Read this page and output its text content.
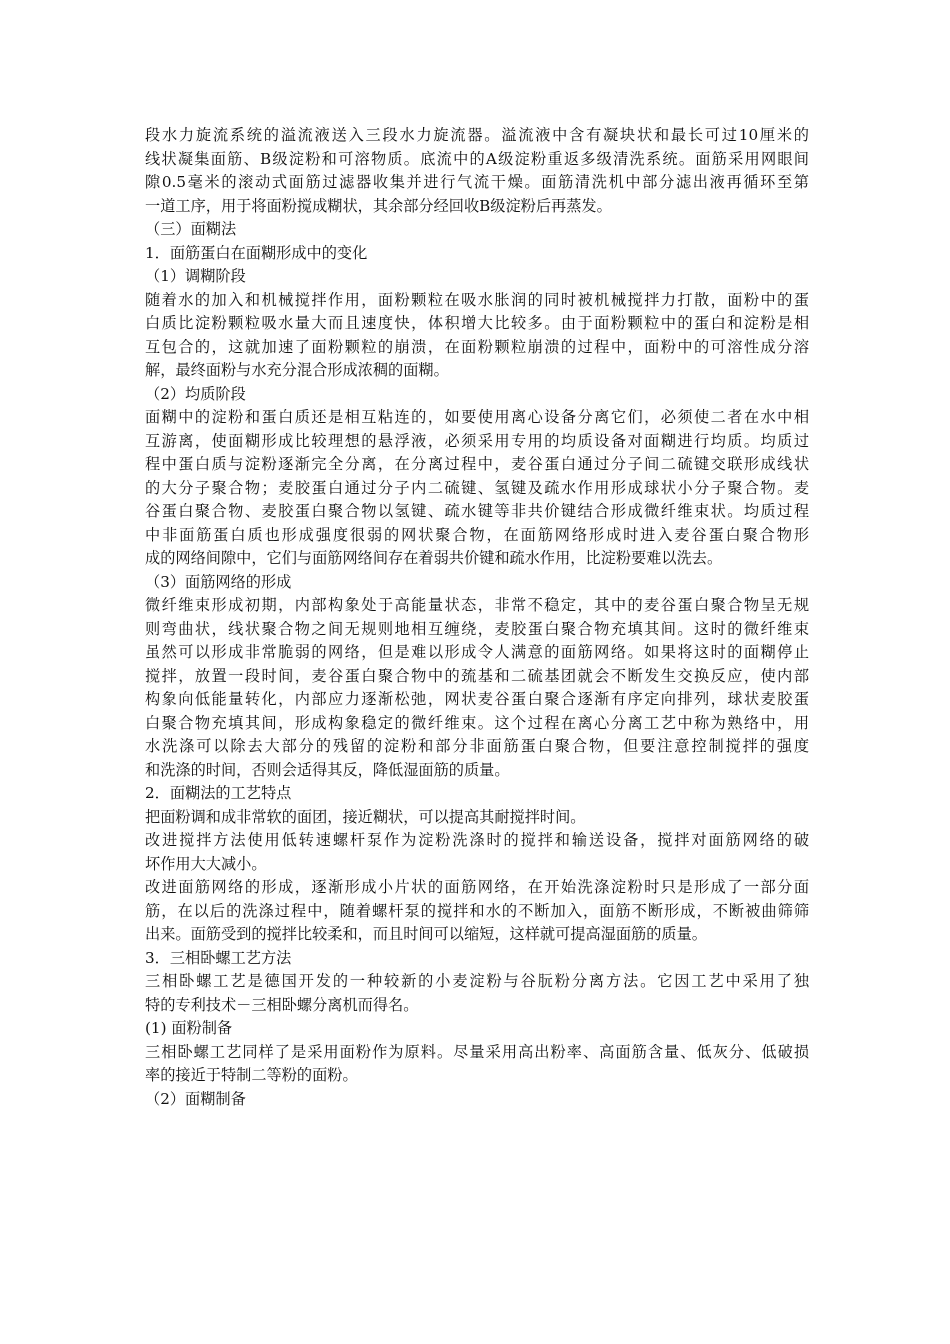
段水力旋流系统的溢流液送入三段水力旋流器。溢流液中含有凝块状和最长可过10厘米的
线状凝集面筋、B级淀粉和可溶物质。底流中的A级淀粉重返多级清洗系统。面筋采用网眼间
隙0.5毫米的滚动式面筋过滤器收集并进行气流干燥。面筋清洗机中部分滤出液再循环至第
一道工序，用于将面粉搅成糊状，其余部分经回收B级淀粉后再蒸发。
（三）面糊法
1．面筋蛋白在面糊形成中的变化
（1）调糊阶段
随着水的加入和机械搅拌作用，面粉颗粒在吸水胀润的同时被机械搅拌力打散，面粉中的蛋
白质比淀粉颗粒吸水量大而且速度快，体积增大比较多。由于面粉颗粒中的蛋白和淀粉是相
互包合的，这就加速了面粉颗粒的崩溃，在面粉颗粒崩溃的过程中，面粉中的可溶性成分溶
解，最终面粉与水充分混合形成浓稠的面糊。
（2）均质阶段
面糊中的淀粉和蛋白质还是相互粘连的，如要使用离心设备分离它们，必须使二者在水中相
互游离，使面糊形成比较理想的悬浮液，必须采用专用的均质设备对面糊进行均质。均质过
程中蛋白质与淀粉逐渐完全分离，在分离过程中，麦谷蛋白通过分子间二硫键交联形成线状
的大分子聚合物；麦胶蛋白通过分子内二硫键、氢键及疏水作用形成球状小分子聚合物。麦
谷蛋白聚合物、麦胶蛋白聚合物以氢键、疏水键等非共价键结合形成微纤维束状。均质过程
中非面筋蛋白质也形成强度很弱的网状聚合物，在面筋网络形成时进入麦谷蛋白聚合物形
成的网络间隙中，它们与面筋网络间存在着弱共价键和疏水作用，比淀粉要难以洗去。
（3）面筋网络的形成
微纤维束形成初期，内部构象处于高能量状态，非常不稳定，其中的麦谷蛋白聚合物呈无规
则弯曲状，线状聚合物之间无规则地相互缠绕，麦胶蛋白聚合物充填其间。这时的微纤维束
虽然可以形成非常脆弱的网络，但是难以形成令人满意的面筋网络。如果将这时的面糊停止
搅拌，放置一段时间，麦谷蛋白聚合物中的巯基和二硫基团就会不断发生交换反应，使内部
构象向低能量转化，内部应力逐渐松弛，网状麦谷蛋白聚合逐渐有序定向排列，球状麦胶蛋
白聚合物充填其间，形成构象稳定的微纤维束。这个过程在离心分离工艺中称为熟络中，用
水洗涤可以除去大部分的残留的淀粉和部分非面筋蛋白聚合物，但要注意控制搅拌的强度
和洗涤的时间，否则会适得其反，降低湿面筋的质量。
2．面糊法的工艺特点
把面粉调和成非常软的面团，接近糊状，可以提高其耐搅拌时间。
改进搅拌方法使用低转速螺杆泵作为淀粉洗涤时的搅拌和输送设备，搅拌对面筋网络的破
坏作用大大减小。
改进面筋网络的形成，逐渐形成小片状的面筋网络，在开始洗涤淀粉时只是形成了一部分面
筋，在以后的洗涤过程中，随着螺杆泵的搅拌和水的不断加入，面筋不断形成，不断被曲筛筛
出来。面筋受到的搅拌比较柔和，而且时间可以缩短，这样就可提高湿面筋的质量。
3．三相卧螺工艺方法
三相卧螺工艺是德国开发的一种较新的小麦淀粉与谷朊粉分离方法。它因工艺中采用了独
特的专利技术－三相卧螺分离机而得名。
(1) 面粉制备
三相卧螺工艺同样了是采用面粉作为原料。尽量采用高出粉率、高面筋含量、低灰分、低破损
率的接近于特制二等粉的面粉。
（2）面糊制备
